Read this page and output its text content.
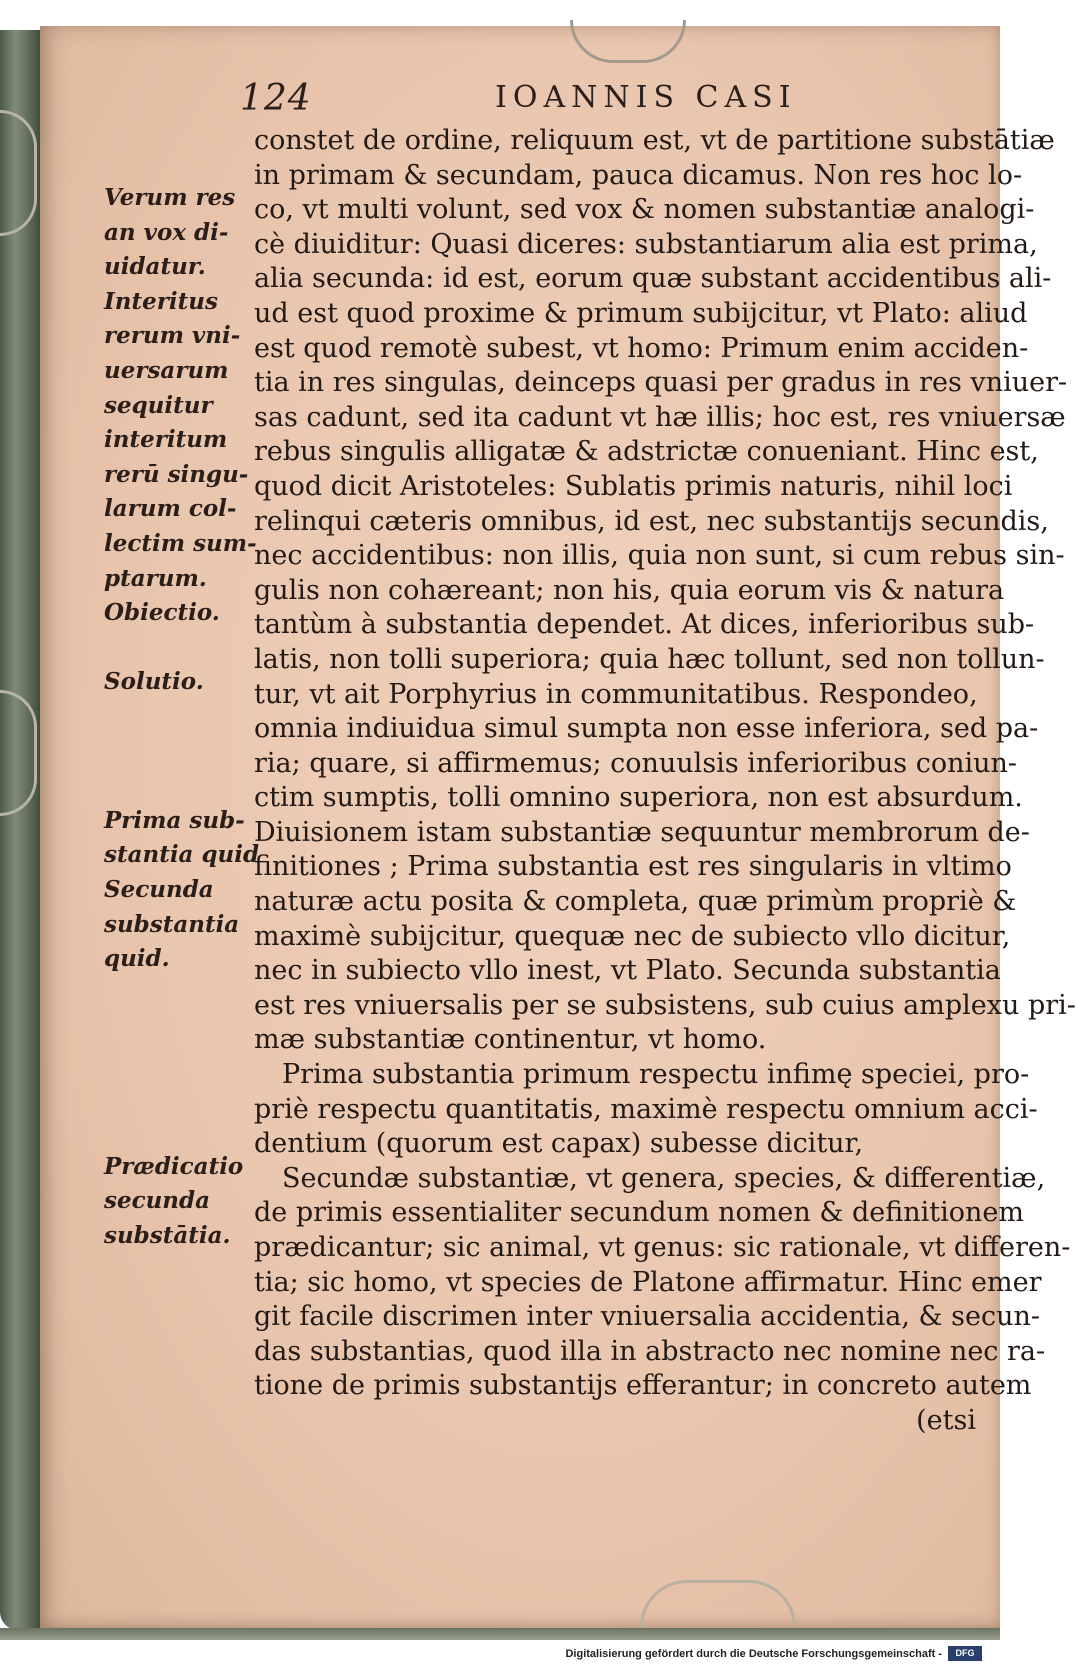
124	IOANNIS CASI
constet de ordine, reliquum est, vt de partitione substātiæ
in primam & secundam, pauca dicamus. Non res hoc lo-
co, vt multi volunt, sed vox & nomen substantiæ analogi-
cè diuiditur: Quasi diceres: substantiarum alia est prima,
alia secunda: id est, eorum quæ substant accidentibus ali-
ud est quod proxime & primum subijcitur, vt Plato: aliud
est quod remotè subest, vt homo: Primum enim acciden-
tia in res singulas, deinceps quasi per gradus in res vniuer-
sas cadunt, sed ita cadunt vt hæ illis; hoc est, res vniuersæ
rebus singulis alligatæ & adstrictæ conueniant. Hinc est,
quod dicit Aristoteles: Sublatis primis naturis, nihil loci
relinqui cæteris omnibus, id est, nec substantijs secundis,
nec accidentibus: non illis, quia non sunt, si cum rebus sin-
gulis non cohæreant; non his, quia eorum vis & natura
tantùm à substantia dependet. At dices, inferioribus sub-
latis, non tolli superiora; quia hæc tollunt, sed non tollun-
tur, vt ait Porphyrius in communitatibus. Respondeo,
omnia indiuidua simul sumpta non esse inferiora, sed pa-
ria; quare, si affirmemus; conuulsis inferioribus coniun-
ctim sumptis, tolli omnino superiora, non est absurdum.
Diuisionem istam substantiæ sequuntur membrorum de-
finitiones ; Prima substantia est res singularis in vltimo
naturæ actu posita & completa, quæ primùm propriè &
maximè subijcitur, quequæ nec de subiecto vllo dicitur,
nec in subiecto vllo inest, vt Plato. Secunda substantia
est res vniuersalis per se subsistens, sub cuius amplexu pri-
mæ substantiæ continentur, vt homo.
Prima substantia primum respectu infimę speciei, pro-
priè respectu quantitatis, maximè respectu omnium acci-
dentium (quorum est capax) subesse dicitur,
Secundæ substantiæ, vt genera, species, & differentiæ,
de primis essentialiter secundum nomen & definitionem
prædicantur; sic animal, vt genus: sic rationale, vt differen-
tia; sic homo, vt species de Platone affirmatur. Hinc emer
git facile discrimen inter vniuersalia accidentia, & secun-
das substantias, quod illa in abstracto nec nomine nec ra-
tione de primis substantijs efferantur; in concreto autem
(etsi
Verum res
an vox di-
uidatur.
Interitus
rerum vni-
uersarum
sequitur
interitum
rerū singu-
larum col-
lectim sum-
ptarum.
Obiectio.
Solutio.
Prima sub-
stantia quid
Secunda
substantia
quid.
Prædicatio
secunda
substātia.
Digitalisierung gefördert durch die Deutsche Forschungsgemeinschaft -	DFG
